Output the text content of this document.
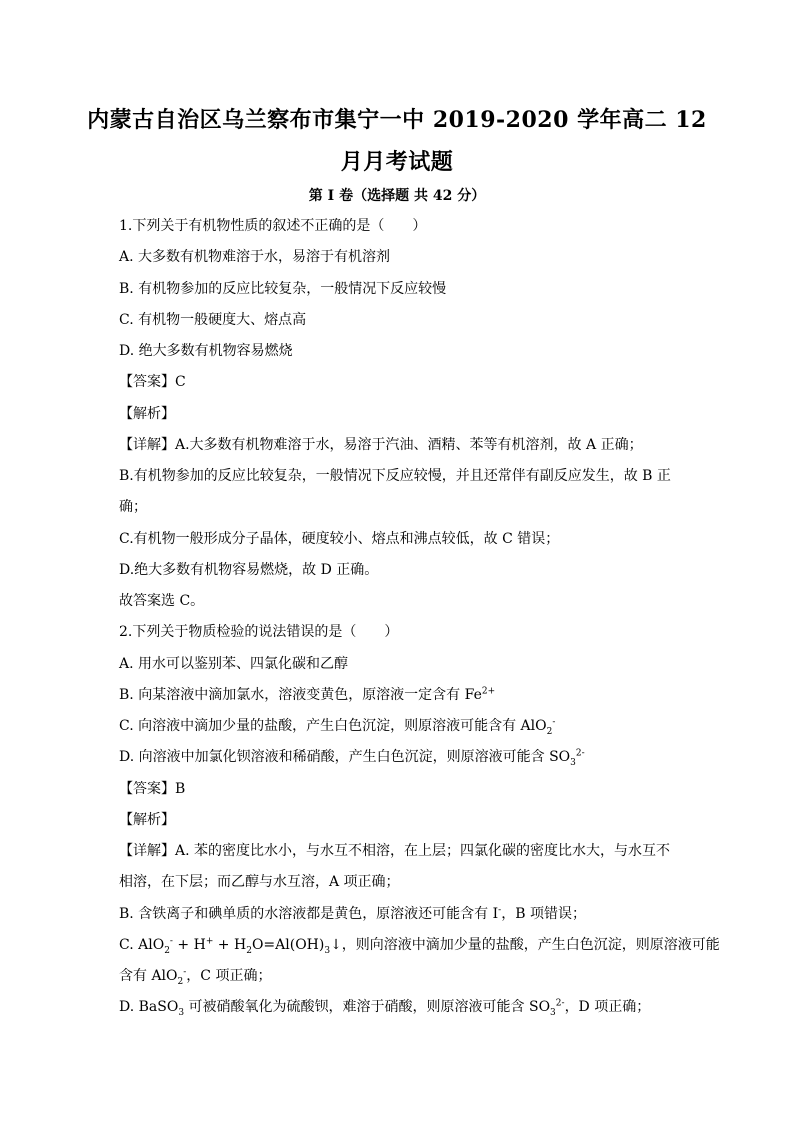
内蒙古自治区乌兰察布市集宁一中 2019-2020 学年高二 12
月月考试题
第 I 卷（选择题 共 42 分）
1.下列关于有机物性质的叙述不正确的是（　　）
A. 大多数有机物难溶于水，易溶于有机溶剂
B. 有机物参加的反应比较复杂，一般情况下反应较慢
C. 有机物一般硬度大、熔点高
D. 绝大多数有机物容易燃烧
【答案】C
【解析】
【详解】A.大多数有机物难溶于水，易溶于汽油、酒精、苯等有机溶剂，故 A 正确；
B.有机物参加的反应比较复杂，一般情况下反应较慢，并且还常伴有副反应发生，故 B 正
确；
C.有机物一般形成分子晶体，硬度较小、熔点和沸点较低，故 C 错误；
D.绝大多数有机物容易燃烧，故 D 正确。
故答案选 C。
2.下列关于物质检验的说法错误的是（　　）
A. 用水可以鉴别苯、四氯化碳和乙醇
B. 向某溶液中滴加氯水，溶液变黄色，原溶液一定含有 $Fe^{2+}$
C. 向溶液中滴加少量的盐酸，产生白色沉淀，则原溶液可能含有 AlO$_2$-
D. 向溶液中加氯化钡溶液和稀硝酸，产生白色沉淀，则原溶液可能含 $SO_3^{2-}$
【答案】B
【解析】
【详解】A. 苯的密度比水小，与水互不相溶，在上层；四氯化碳的密度比水大，与水互不
相溶，在下层；而乙醇与水互溶，A 项正确；
B. 含铁离子和碘单质的水溶液都是黄色，原溶液还可能含有 I-，B 项错误；
C. $AlO_2^- + H^+ + H_2O=Al(OH)_3↓$，则向溶液中滴加少量的盐酸，产生白色沉淀，则原溶液可能
含有 AlO$_2$-，C 项正确；
D. BaSO$_3$ 可被硝酸氧化为硫酸钡，难溶于硝酸，则原溶液可能含 $SO_3^{2-}$，D 项正确；
